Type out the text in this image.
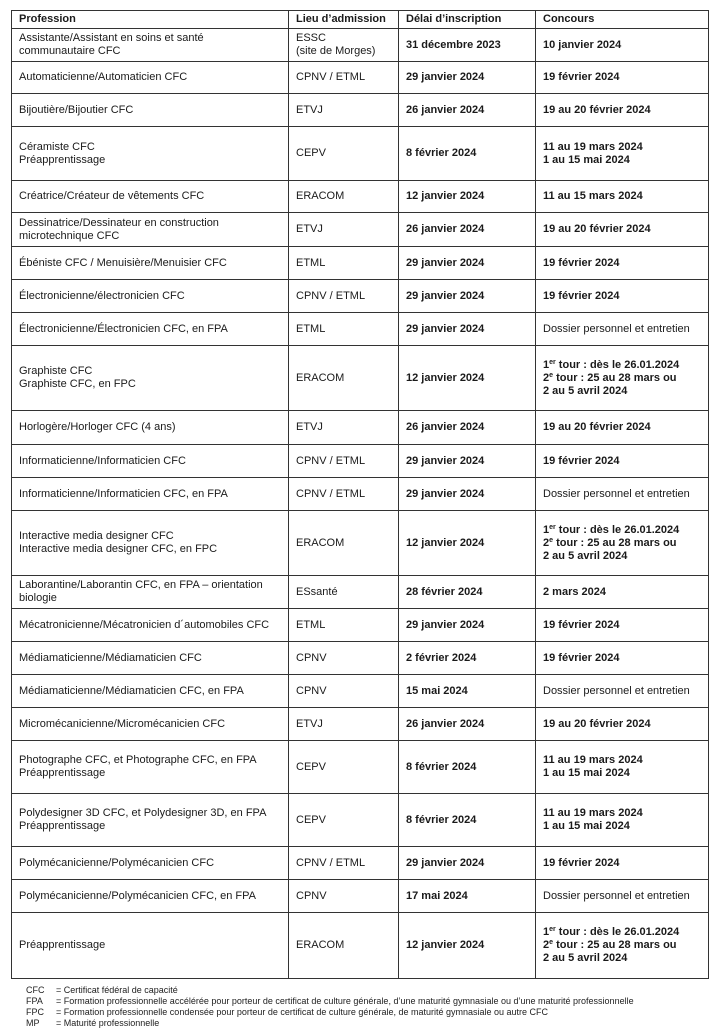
Profession	Lieu d’admission	Délai d’inscription	Concours

Assistante/Assistant en soins et santé
communautaire CFC	ESSC
(site de Morges)	31 décembre 2023	10 janvier 2024

Automaticienne/Automaticien CFC	CPNV / ETML	29 janvier 2024	19 février 2024

Bijoutière/Bijoutier CFC	ETVJ	26 janvier 2024	19 au 20 février 2024

Céramiste CFC
Préapprentissage	CEPV	8 février 2024	11 au 19 mars 2024
1 au 15 mai 2024

Créatrice/Créateur de vêtements CFC	ERACOM	12 janvier 2024	11 au 15 mars 2024

Dessinatrice/Dessinateur en construction
microtechnique CFC	ETVJ	26 janvier 2024	19 au 20 février 2024

Ébéniste CFC / Menuisière/Menuisier CFC	ETML	29 janvier 2024	19 février 2024

Électronicienne/électronicien CFC	CPNV / ETML	29 janvier 2024	19 février 2024

Électronicienne/Électronicien CFC, en FPA	ETML	29 janvier 2024	Dossier personnel et entretien

Graphiste CFC
Graphiste CFC, en FPC	ERACOM	12 janvier 2024	1er tour : dès le 26.01.2024
2e tour : 25 au 28 mars ou
2 au 5 avril 2024

Horlogère/Horloger CFC (4 ans)	ETVJ	26 janvier 2024	19 au 20 février 2024

Informaticienne/Informaticien CFC	CPNV / ETML	29 janvier 2024	19 février 2024

Informaticienne/Informaticien CFC, en FPA	CPNV / ETML	29 janvier 2024	Dossier personnel et entretien

Interactive media designer CFC
Interactive media designer CFC, en FPC	ERACOM	12 janvier 2024	1er tour : dès le 26.01.2024
2e tour : 25 au 28 mars ou
2 au 5 avril 2024

Laborantine/Laborantin CFC, en FPA – orientation
biologie	ESsanté	28 février 2024	2 mars 2024

Mécatronicienne/Mécatronicien d´automobiles CFC	ETML	29 janvier 2024	19 février 2024

Médiamaticienne/Médiamaticien CFC	CPNV	2 février 2024	19 février 2024

Médiamaticienne/Médiamaticien CFC, en FPA	CPNV	15 mai 2024	Dossier personnel et entretien

Micromécanicienne/Micromécanicien CFC	ETVJ	26 janvier 2024	19 au 20 février 2024

Photographe CFC, et Photographe CFC, en FPA
Préapprentissage	CEPV	8 février 2024	11 au 19 mars 2024
1 au 15 mai 2024

Polydesigner 3D CFC, et Polydesigner 3D, en FPA
Préapprentissage	CEPV	8 février 2024	11 au 19 mars 2024
1 au 15 mai 2024

Polymécanicienne/Polymécanicien CFC	CPNV / ETML	29 janvier 2024	19 février 2024

Polymécanicienne/Polymécanicien CFC, en FPA	CPNV	17 mai 2024	Dossier personnel et entretien

Préapprentissage	ERACOM	12 janvier 2024	1er tour : dès le 26.01.2024
2e tour : 25 au 28 mars ou
2 au 5 avril 2024
CFC	= Certificat fédéral de capacité
FPA	= Formation professionnelle accélérée pour porteur de certificat de culture générale, d’une maturité gymnasiale ou d’une maturité professionnelle
FPC	= Formation professionnelle condensée pour porteur de certificat de culture générale, de maturité gymnasiale ou autre CFC
MP	= Maturité professionnelle
